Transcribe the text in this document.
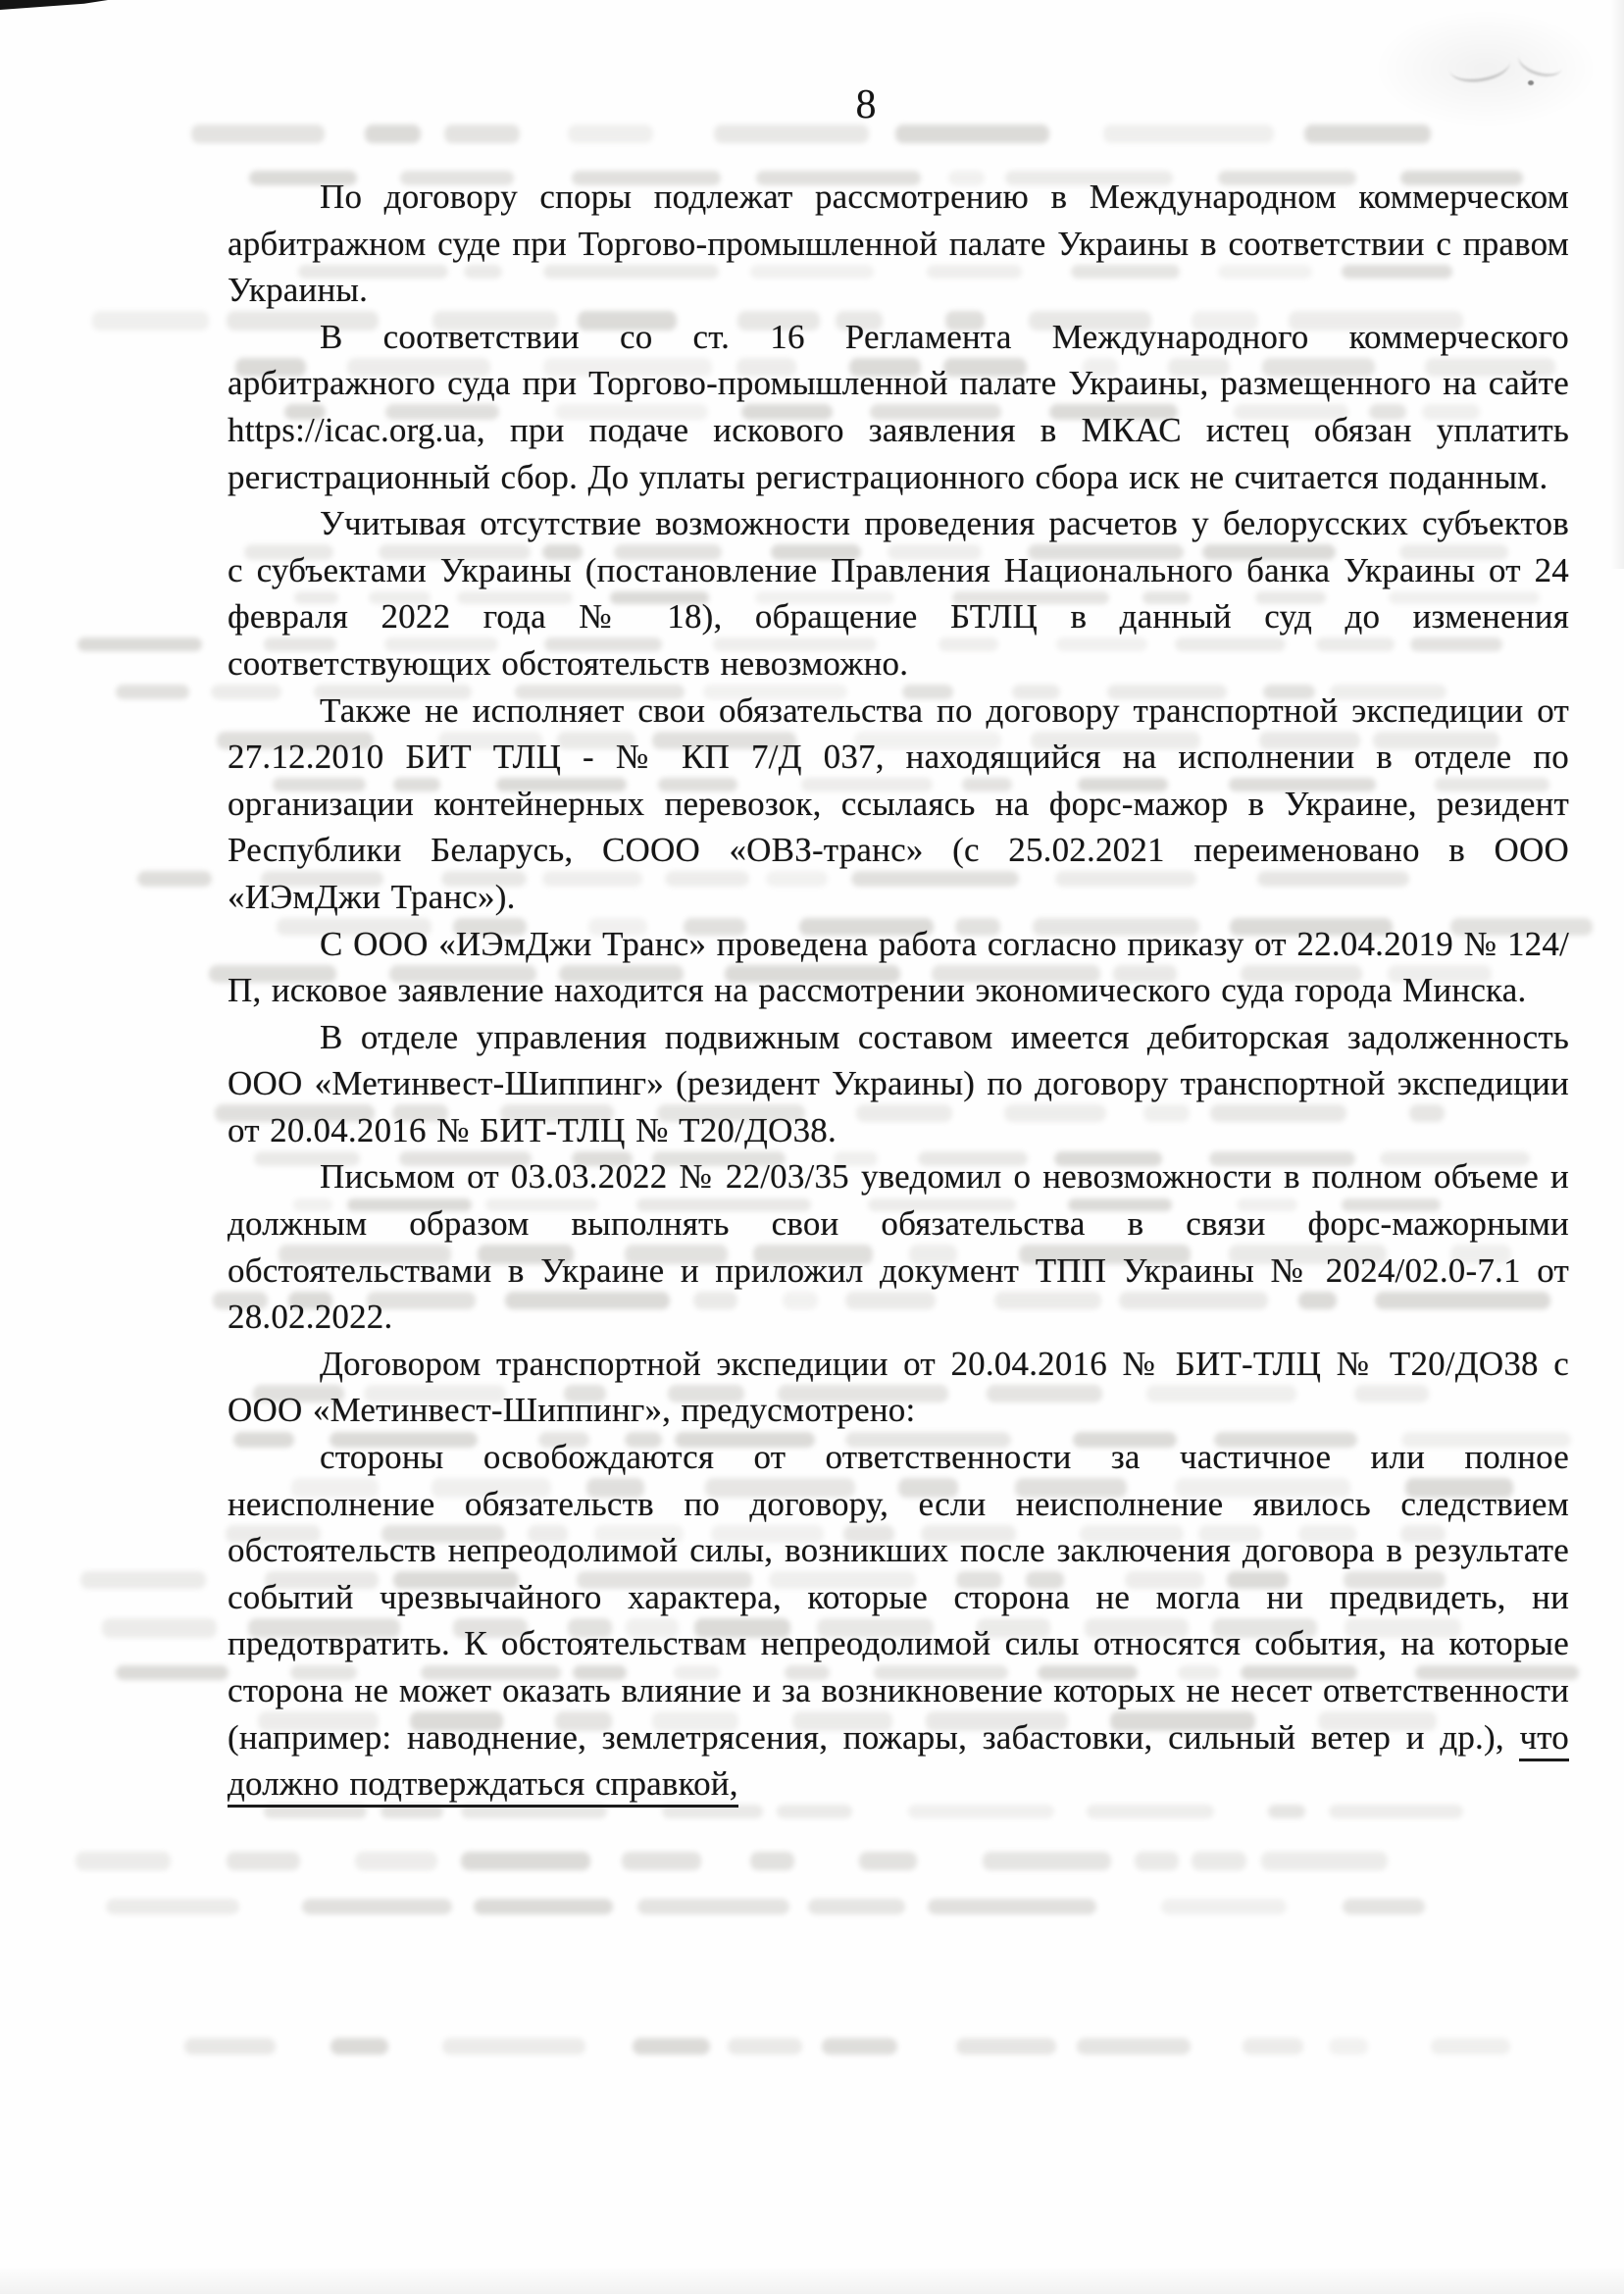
8

По договору споры подлежат рассмотрению в Международном коммерческом арбитражном суде при Торгово-промышленной палате Украины в соответствии с правом Украины.

В соответствии со ст. 16 Регламента Международного коммерческого арбитражного суда при Торгово-промышленной палате Украины, размещенного на сайте https://icac.org.ua, при подаче искового заявления в МКАС истец обязан уплатить регистрационный сбор. До уплаты регистрационного сбора иск не считается поданным.

Учитывая отсутствие возможности проведения расчетов у белорусских субъектов с субъектами Украины (постановление Правления Национального банка Украины от 24 февраля 2022 года № 18), обращение БТЛЦ в данный суд до изменения соответствующих обстоятельств невозможно.

Также не исполняет свои обязательства по договору транспортной экспедиции от 27.12.2010 БИТ ТЛЦ - № КП 7/Д 037, находящийся на исполнении в отделе по организации контейнерных перевозок, ссылаясь на форс-мажор в Украине, резидент Республики Беларусь, СООО «ОВЗ-транс» (с 25.02.2021 переименовано в ООО «ИЭмДжи Транс»).

С ООО «ИЭмДжи Транс» проведена работа согласно приказу от 22.04.2019 № 124/П, исковое заявление находится на рассмотрении экономического суда города Минска.

В отделе управления подвижным составом имеется дебиторская задолженность ООО «Метинвест-Шиппинг» (резидент Украины) по договору транспортной экспедиции от 20.04.2016 № БИТ-ТЛЦ № Т20/ДО38.

Письмом от 03.03.2022 № 22/03/35 уведомил о невозможности в полном объеме и должным образом выполнять свои обязательства в связи форс-мажорными обстоятельствами в Украине и приложил документ ТПП Украины № 2024/02.0-7.1 от 28.02.2022.

Договором транспортной экспедиции от 20.04.2016 № БИТ-ТЛЦ № Т20/ДО38 с ООО «Метинвест-Шиппинг», предусмотрено:

стороны освобождаются от ответственности за частичное или полное неисполнение обязательств по договору, если неисполнение явилось следствием обстоятельств непреодолимой силы, возникших после заключения договора в результате событий чрезвычайного характера, которые сторона не могла ни предвидеть, ни предотвратить. К обстоятельствам непреодолимой силы относятся события, на которые сторона не может оказать влияние и за возникновение которых не несет ответственности (например: наводнение, землетрясения, пожары, забастовки, сильный ветер и др.), что должно подтверждаться справкой,
